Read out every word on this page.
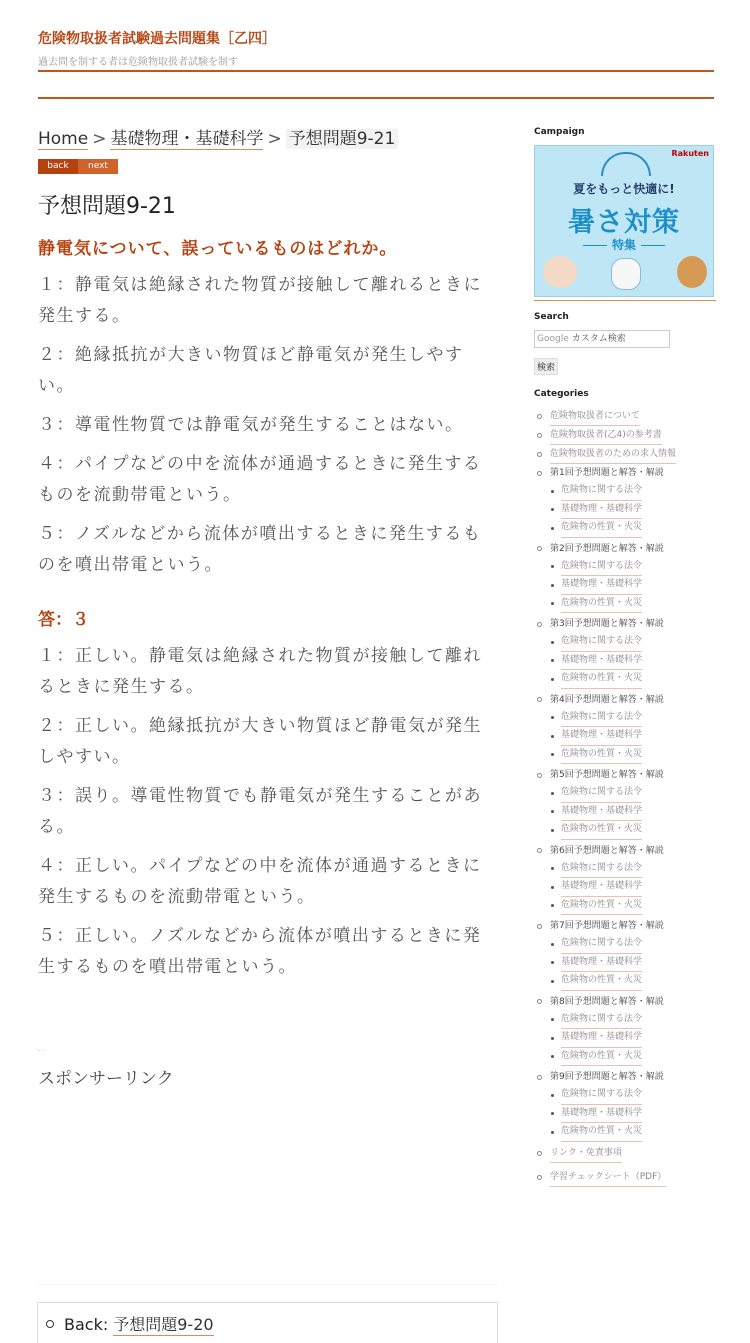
危険物取扱者試験過去問題集［乙四］
過去問を制する者は危険物取扱者試験を制す
Home > 基礎物理・基礎科学 > 予想問題9-21
back	next
予想問題9-21
静電気について、誤っているものはどれか。
１：静電気は絶縁された物質が接触して離れるときに発生する。
２：絶縁抵抗が大きい物質ほど静電気が発生しやすい。
３：導電性物質では静電気が発生することはない。
４：パイプなどの中を流体が通過するときに発生するものを流動帯電という。
５：ノズルなどから流体が噴出するときに発生するものを噴出帯電という。
答：３
１：正しい。静電気は絶縁された物質が接触して離れるときに発生する。
２：正しい。絶縁抵抗が大きい物質ほど静電気が発生しやすい。
３：誤り。導電性物質でも静電気が発生することがある。
４：正しい。パイプなどの中を流体が通過するときに発生するものを流動帯電という。
５：正しい。ノズルなどから流体が噴出するときに発生するものを噴出帯電という。
スポンサーリンク
Back: 予想問題9-20
Campaign
Rakuten
夏をもっと快適に!
暑さ対策
特集
Search
Google カスタム検索
検索
Categories
危険物取扱者について
危険物取扱者(乙4)の参考書
危険物取扱者のための求人情報
第1回予想問題と解答・解説
危険物に関する法令
基礎物理・基礎科学
危険物の性質・火災
第2回予想問題と解答・解説
危険物に関する法令
基礎物理・基礎科学
危険物の性質・火災
第3回予想問題と解答・解説
危険物に関する法令
基礎物理・基礎科学
危険物の性質・火災
第4回予想問題と解答・解説
危険物に関する法令
基礎物理・基礎科学
危険物の性質・火災
第5回予想問題と解答・解説
危険物に関する法令
基礎物理・基礎科学
危険物の性質・火災
第6回予想問題と解答・解説
危険物に関する法令
基礎物理・基礎科学
危険物の性質・火災
第7回予想問題と解答・解説
危険物に関する法令
基礎物理・基礎科学
危険物の性質・火災
第8回予想問題と解答・解説
危険物に関する法令
基礎物理・基礎科学
危険物の性質・火災
第9回予想問題と解答・解説
危険物に関する法令
基礎物理・基礎科学
危険物の性質・火災
リンク・免責事項
学習チェックシート（PDF）
